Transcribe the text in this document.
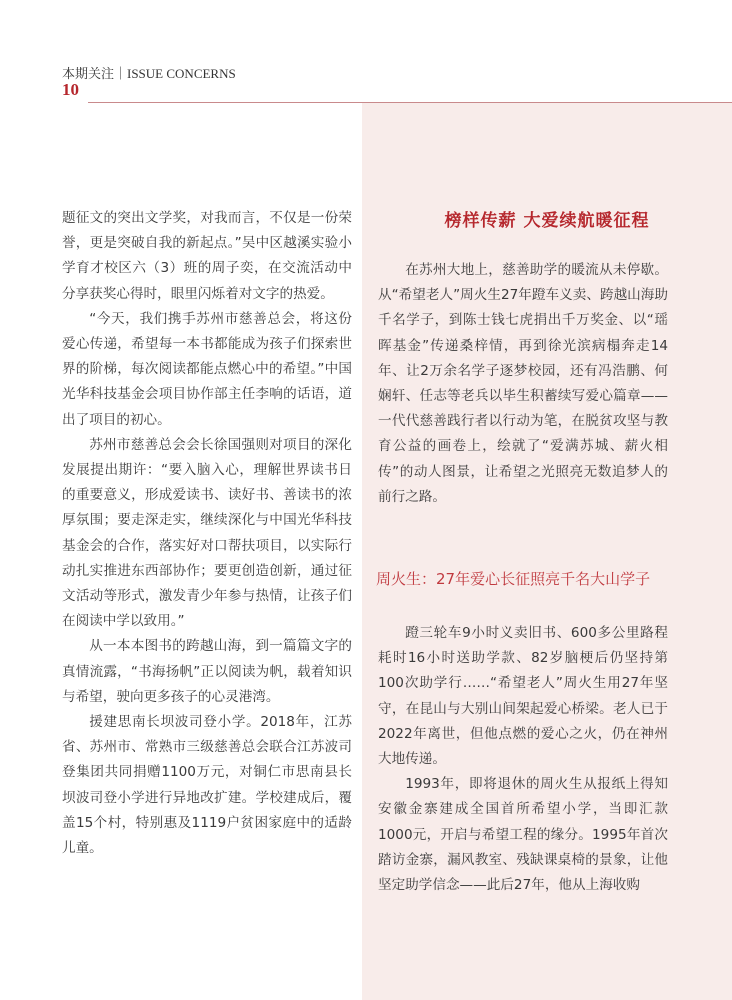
本期关注｜ISSUE CONCERNS
10

题征文的突出文学奖，对我而言，不仅是一份荣誉，更是突破自我的新起点。”吴中区越溪实验小学育才校区六（3）班的周子奕，在交流活动中分享获奖心得时，眼里闪烁着对文字的热爱。

“今天，我们携手苏州市慈善总会，将这份爱心传递，希望每一本书都能成为孩子们探索世界的阶梯，每次阅读都能点燃心中的希望。”中国光华科技基金会项目协作部主任李响的话语，道出了项目的初心。

苏州市慈善总会会长徐国强则对项目的深化发展提出期许：“要入脑入心，理解世界读书日的重要意义，形成爱读书、读好书、善读书的浓厚氛围；要走深走实，继续深化与中国光华科技基金会的合作，落实好对口帮扶项目，以实际行动扎实推进东西部协作；要更创造创新，通过征文活动等形式，激发青少年参与热情，让孩子们在阅读中学以致用。”

从一本本图书的跨越山海，到一篇篇文字的真情流露，“书海扬帆”正以阅读为帆，载着知识与希望，驶向更多孩子的心灵港湾。

援建思南长坝波司登小学。2018年，江苏省、苏州市、常熟市三级慈善总会联合江苏波司登集团共同捐赠1100万元，对铜仁市思南县长坝波司登小学进行异地改扩建。学校建成后，覆盖15个村，特别惠及1119户贫困家庭中的适龄儿童。

榜样传薪 大爱续航暖征程

在苏州大地上，慈善助学的暖流从未停歇。从“希望老人”周火生27年蹬车义卖、跨越山海助千名学子，到陈士钱七虎捐出千万奖金、以“瑶晖基金”传递桑梓情，再到徐光滨病榻奔走14年、让2万余名学子逐梦校园，还有冯浩鹏、何娴轩、任志等老兵以毕生积蓄续写爱心篇章——一代代慈善践行者以行动为笔，在脱贫攻坚与教育公益的画卷上，绘就了“爱满苏城、薪火相传”的动人图景，让希望之光照亮无数追梦人的前行之路。

周火生：27年爱心长征照亮千名大山学子

蹬三轮车9小时义卖旧书、600多公里路程耗时16小时送助学款、82岁脑梗后仍坚持第100次助学行……“希望老人”周火生用27年坚守，在昆山与大别山间架起爱心桥梁。老人已于2022年离世，但他点燃的爱心之火，仍在神州大地传递。

1993年，即将退休的周火生从报纸上得知安徽金寨建成全国首所希望小学，当即汇款1000元，开启与希望工程的缘分。1995年首次踏访金寨，漏风教室、残缺课桌椅的景象，让他坚定助学信念——此后27年，他从上海收购
